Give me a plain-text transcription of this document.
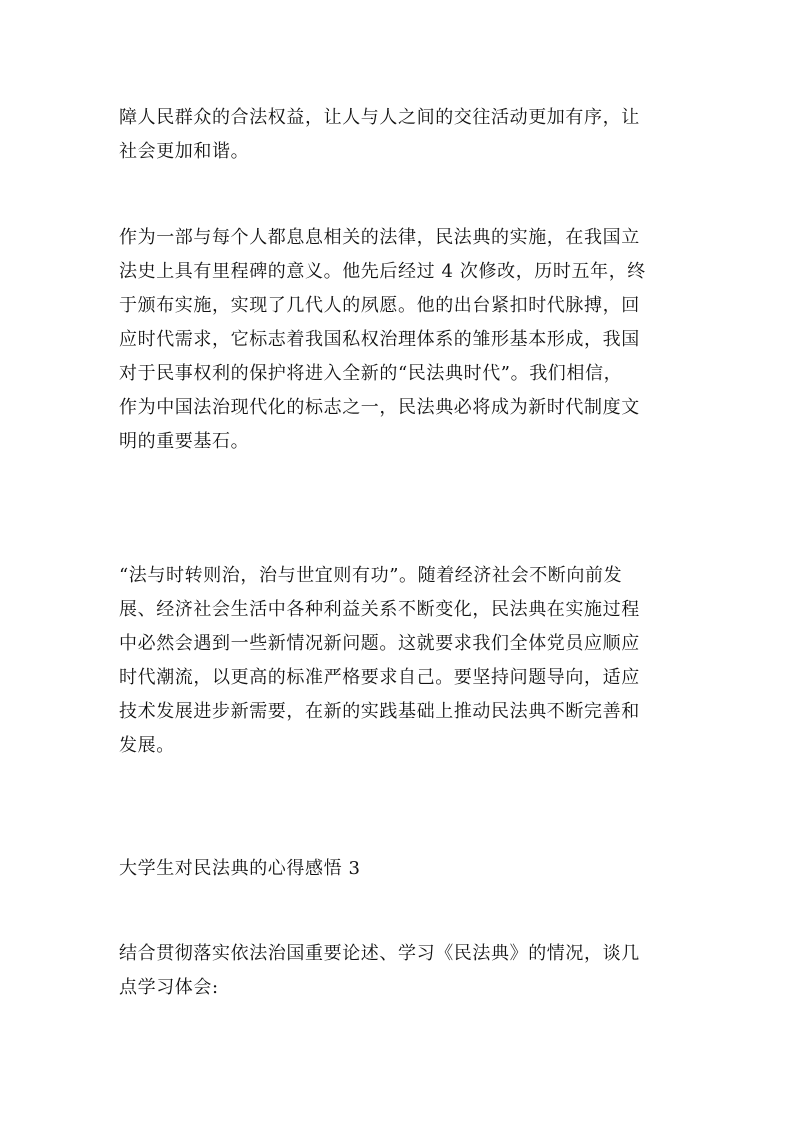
障人民群众的合法权益，让人与人之间的交往活动更加有序，让
社会更加和谐。
作为一部与每个人都息息相关的法律，民法典的实施，在我国立
法史上具有里程碑的意义。他先后经过 4 次修改，历时五年，终
于颁布实施，实现了几代人的夙愿。他的出台紧扣时代脉搏，回
应时代需求，它标志着我国私权治理体系的雏形基本形成，我国
对于民事权利的保护将进入全新的“民法典时代”。我们相信，
作为中国法治现代化的标志之一，民法典必将成为新时代制度文
明的重要基石。
“法与时转则治，治与世宜则有功”。随着经济社会不断向前发
展、经济社会生活中各种利益关系不断变化，民法典在实施过程
中必然会遇到一些新情况新问题。这就要求我们全体党员应顺应
时代潮流，以更高的标准严格要求自己。要坚持问题导向，适应
技术发展进步新需要，在新的实践基础上推动民法典不断完善和
发展。
大学生对民法典的心得感悟 3
结合贯彻落实依法治国重要论述、学习《民法典》的情况，谈几
点学习体会:
